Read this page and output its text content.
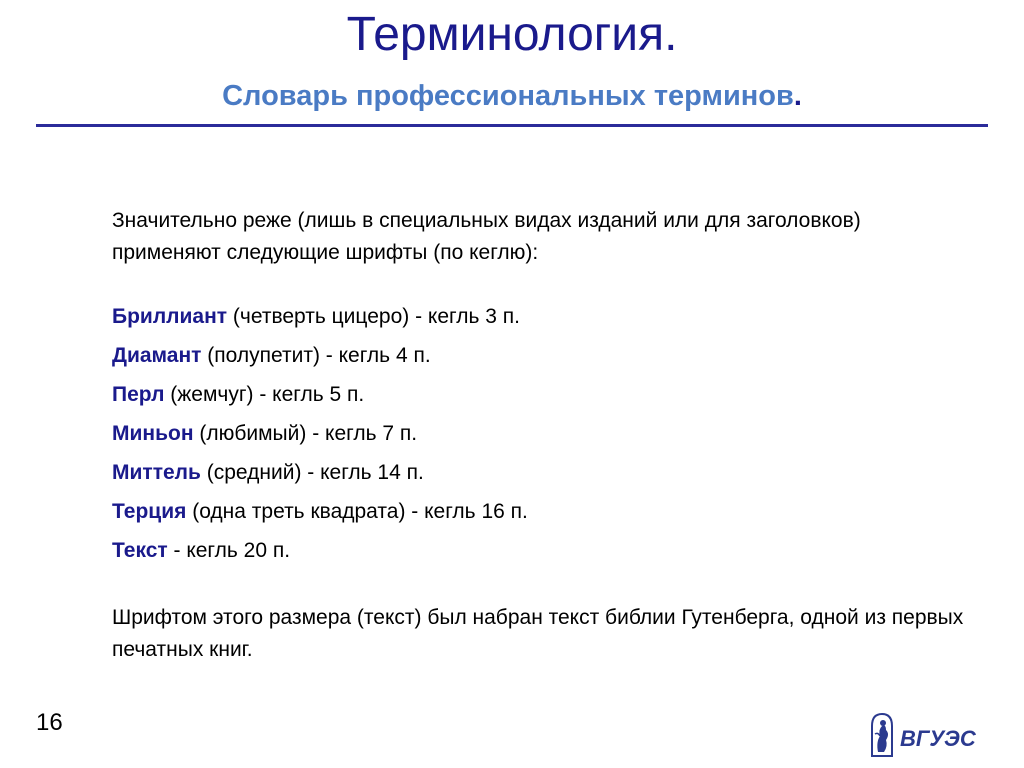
Терминология.
Словарь профессиональных терминов.
Значительно реже (лишь в специальных видах изданий или для заголовков) применяют следующие шрифты (по кеглю):
Бриллиант (четверть цицеро) - кегль 3 п.
Диамант (полупетит) - кегль 4 п.
Перл (жемчуг) - кегль 5 п.
Миньон (любимый) - кегль 7 п.
Миттель (средний) - кегль 14 п.
Терция (одна треть квадрата) - кегль 16 п.
Текст - кегль 20 п.
Шрифтом этого размера (текст) был набран текст библии Гутенберга, одной из первых печатных книг.
16
ВГУЭС
